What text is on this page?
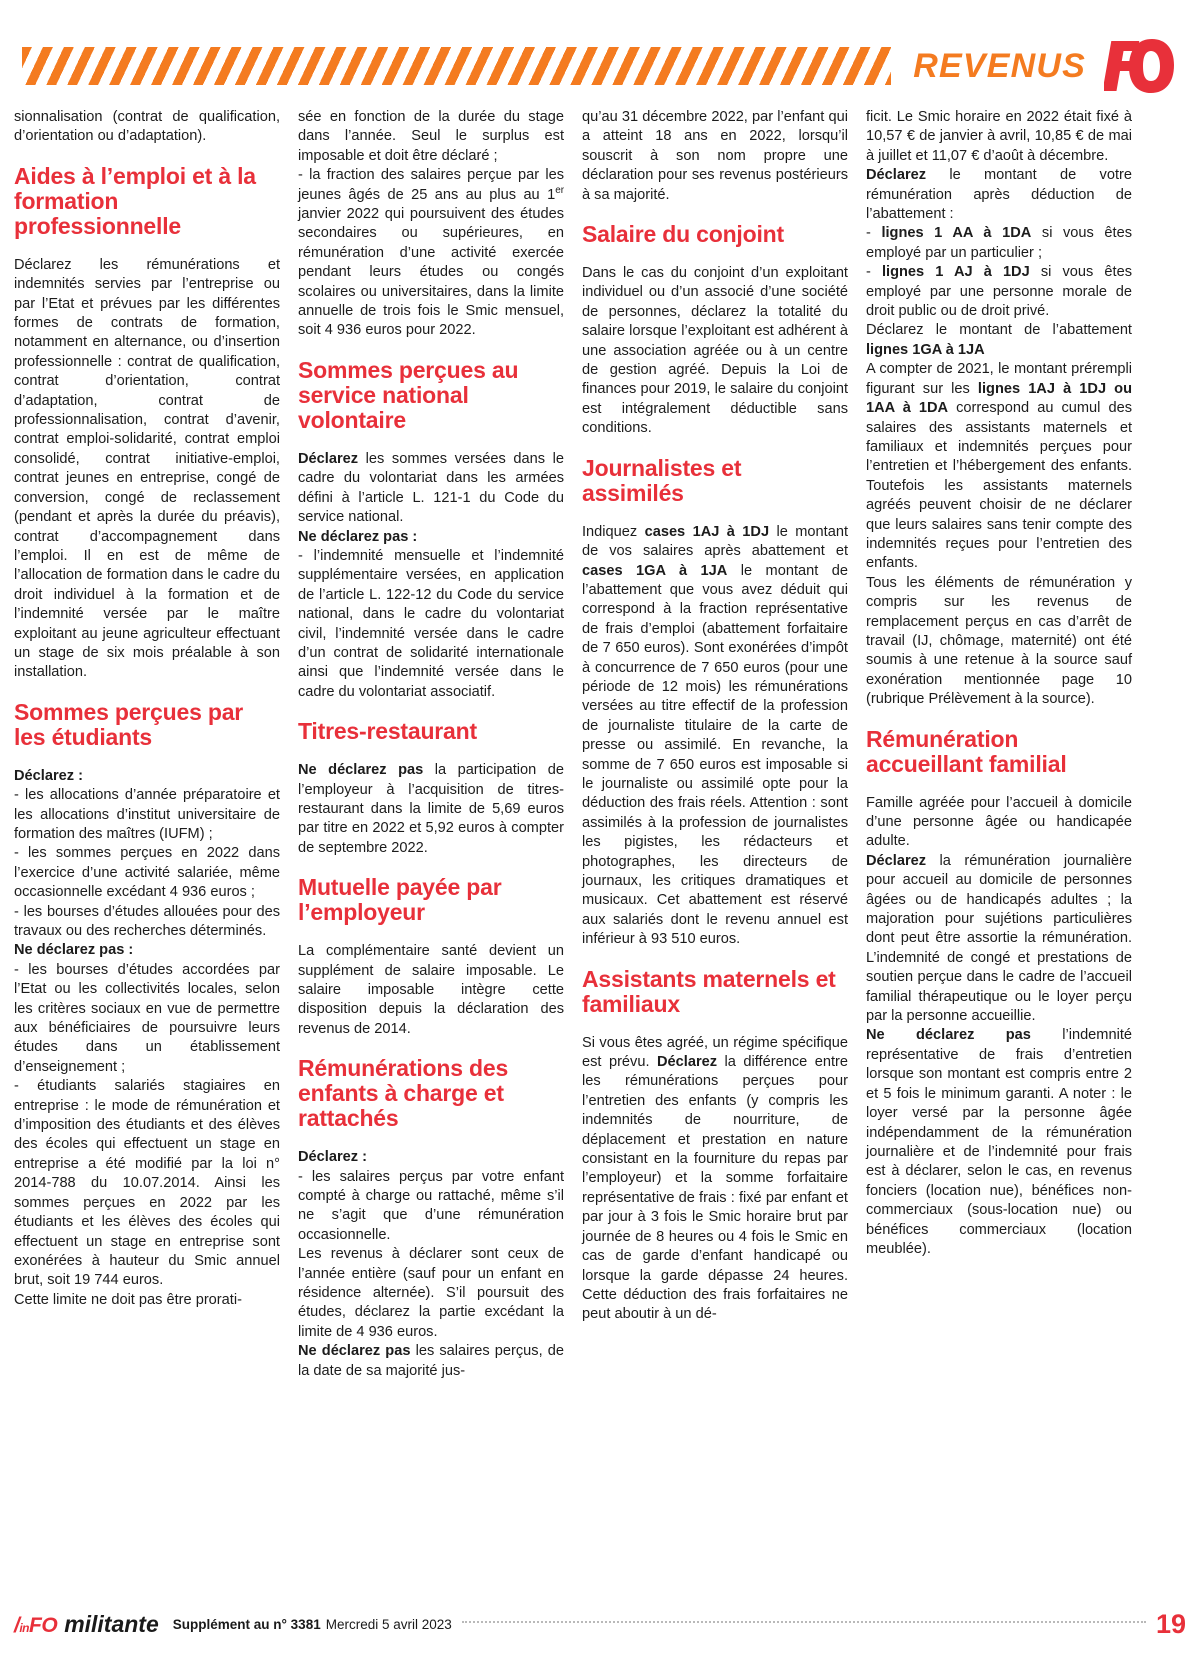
REVENUS

sionnalisation (contrat de qualification, d’orientation ou d’adaptation).

Aides à l’emploi et à la formation professionnelle

Déclarez les rémunérations et indemnités servies par l’entreprise ou par l’Etat et prévues par les différentes formes de contrats de formation, notamment en alternance, ou d’insertion professionnelle : contrat de qualification, contrat d’orientation, contrat d’adaptation, contrat de professionnalisation, contrat d’avenir, contrat emploi-solidarité, contrat emploi consolidé, contrat initiative-emploi, contrat jeunes en entreprise, congé de conversion, congé de reclassement (pendant et après la durée du préavis), contrat d’accompagnement dans l’emploi. Il en est de même de l’allocation de formation dans le cadre du droit individuel à la formation et de l’indemnité versée par le maître exploitant au jeune agriculteur effectuant un stage de six mois préalable à son installation.

Sommes perçues par les étudiants

Déclarez :

- les allocations d’année préparatoire et les allocations d’institut universitaire de formation des maîtres (IUFM) ;

- les sommes perçues en 2022 dans l’exercice d’une activité salariée, même occasionnelle excédant 4 936 euros ;

- les bourses d’études allouées pour des travaux ou des recherches déterminés.

Ne déclarez pas :

- les bourses d’études accordées par l’Etat ou les collectivités locales, selon les critères sociaux en vue de permettre aux bénéficiaires de poursuivre leurs études dans un établissement d’enseignement ;

- étudiants salariés stagiaires en entreprise : le mode de rémunération et d’imposition des étudiants et des élèves des écoles qui effectuent un stage en entreprise a été modifié par la loi n° 2014-788 du 10.07.2014. Ainsi les sommes perçues en 2022 par les étudiants et les élèves des écoles qui effectuent un stage en entreprise sont exonérées à hauteur du Smic annuel brut, soit 19 744 euros.

Cette limite ne doit pas être prorati-

sée en fonction de la durée du stage dans l’année. Seul le surplus est imposable et doit être déclaré ;

- la fraction des salaires perçue par les jeunes âgés de 25 ans au plus au 1er janvier 2022 qui poursuivent des études secondaires ou supérieures, en rémunération d’une activité exercée pendant leurs études ou congés scolaires ou universitaires, dans la limite annuelle de trois fois le Smic mensuel, soit 4 936 euros pour 2022.

Sommes perçues au service national volontaire

Déclarez les sommes versées dans le cadre du volontariat dans les armées défini à l’article L. 121-1 du Code du service national.

Ne déclarez pas :

- l’indemnité mensuelle et l’indemnité supplémentaire versées, en application de l’article L. 122-12 du Code du service national, dans le cadre du volontariat civil, l’indemnité versée dans le cadre d’un contrat de solidarité internationale ainsi que l’indemnité versée dans le cadre du volontariat associatif.

Titres-restaurant

Ne déclarez pas la participation de l’employeur à l’acquisition de titres-restaurant dans la limite de 5,69 euros par titre en 2022 et 5,92 euros à compter de septembre 2022.

Mutuelle payée par l’employeur

La complémentaire santé devient un supplément de salaire imposable. Le salaire imposable intègre cette disposition depuis la déclaration des revenus de 2014.

Rémunérations des enfants à charge et rattachés

Déclarez :

- les salaires perçus par votre enfant compté à charge ou rattaché, même s’il ne s’agit que d’une rémunération occasionnelle.

Les revenus à déclarer sont ceux de l’année entière (sauf pour un enfant en résidence alternée). S’il poursuit des études, déclarez la partie excédant la limite de 4 936 euros.

Ne déclarez pas les salaires perçus, de la date de sa majorité jus-

qu’au 31 décembre 2022, par l’enfant qui a atteint 18 ans en 2022, lorsqu’il souscrit à son nom propre une déclaration pour ses revenus postérieurs à sa majorité.

Salaire du conjoint

Dans le cas du conjoint d’un exploitant individuel ou d’un associé d’une société de personnes, déclarez la totalité du salaire lorsque l’exploitant est adhérent à une association agréée ou à un centre de gestion agréé. Depuis la Loi de finances pour 2019, le salaire du conjoint est intégralement déductible sans conditions.

Journalistes et assimilés

Indiquez cases 1AJ à 1DJ le montant de vos salaires après abattement et cases 1GA à 1JA le montant de l’abattement que vous avez déduit qui correspond à la fraction représentative de frais d’emploi (abattement forfaitaire de 7 650 euros). Sont exonérées d’impôt à concurrence de 7 650 euros (pour une période de 12 mois) les rémunérations versées au titre effectif de la profession de journaliste titulaire de la carte de presse ou assimilé. En revanche, la somme de 7 650 euros est imposable si le journaliste ou assimilé opte pour la déduction des frais réels. Attention : sont assimilés à la profession de journalistes les pigistes, les rédacteurs et photographes, les directeurs de journaux, les critiques dramatiques et musicaux. Cet abattement est réservé aux salariés dont le revenu annuel est inférieur à 93 510 euros.

Assistants maternels et familiaux

Si vous êtes agréé, un régime spécifique est prévu. Déclarez la différence entre les rémunérations perçues pour l’entretien des enfants (y compris les indemnités de nourriture, de déplacement et prestation en nature consistant en la fourniture du repas par l’employeur) et la somme forfaitaire représentative de frais : fixé par enfant et par jour à 3 fois le Smic horaire brut par journée de 8 heures ou 4 fois le Smic en cas de garde d’enfant handicapé ou lorsque la garde dépasse 24 heures. Cette déduction des frais forfaitaires ne peut aboutir à un dé-

ficit. Le Smic horaire en 2022 était fixé à 10,57 € de janvier à avril, 10,85 € de mai à juillet et 11,07 € d’août à décembre.

Déclarez le montant de votre rémunération après déduction de l’abattement :

- lignes 1 AA à 1DA si vous êtes employé par un particulier ;

- lignes 1 AJ à 1DJ si vous êtes employé par une personne morale de droit public ou de droit privé.

Déclarez le montant de l’abattement lignes 1GA à 1JA

A compter de 2021, le montant prérempli figurant sur les lignes 1AJ à 1DJ ou 1AA à 1DA correspond au cumul des salaires des assistants maternels et familiaux et indemnités perçues pour l’entretien et l’hébergement des enfants. Toutefois les assistants maternels agréés peuvent choisir de ne déclarer que leurs salaires sans tenir compte des indemnités reçues pour l’entretien des enfants.

Tous les éléments de rémunération y compris sur les revenus de remplacement perçus en cas d’arrêt de travail (IJ, chômage, maternité) ont été soumis à une retenue à la source sauf exonération mentionnée page 10 (rubrique Prélèvement à la source).

Rémunération accueillant familial

Famille agréée pour l’accueil à domicile d’une personne âgée ou handicapée adulte.

Déclarez la rémunération journalière pour accueil au domicile de personnes âgées ou de handicapés adultes ; la majoration pour sujétions particulières dont peut être assortie la rémunération. L’indemnité de congé et prestations de soutien perçue dans le cadre de l’accueil familial thérapeutique ou le loyer perçu par la personne accueillie.

Ne déclarez pas l’indemnité représentative de frais d’entretien lorsque son montant est compris entre 2 et 5 fois le minimum garanti. A noter : le loyer versé par la personne âgée indépendamment de la rémunération journalière et de l’indemnité pour frais est à déclarer, selon le cas, en revenus fonciers (location nue), bénéfices non-commerciaux (sous-location nue) ou bénéfices commerciaux (location meublée).

/inFO militante Supplément au n° 3381 Mercredi 5 avril 2023	19
